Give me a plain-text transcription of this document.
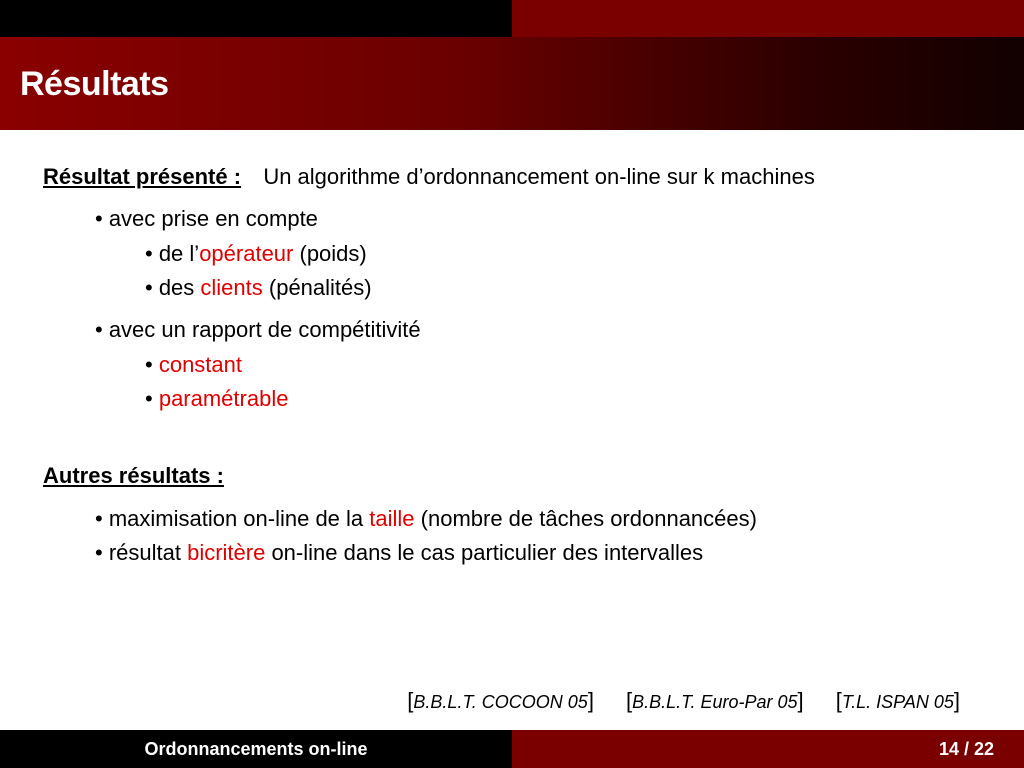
Résultats
Résultat présenté : Un algorithme d’ordonnancement on-line sur k machines
• avec prise en compte
• de l’opérateur (poids)
• des clients (pénalités)
• avec un rapport de compétitivité
• constant
• paramétrable
Autres résultats :
• maximisation on-line de la taille (nombre de tâches ordonnancées)
• résultat bicritère on-line dans le cas particulier des intervalles
[B.B.L.T. COCOON 05] [B.B.L.T. Euro-Par 05] [T.L. ISPAN 05]
Ordonnancements on-line	14 / 22
